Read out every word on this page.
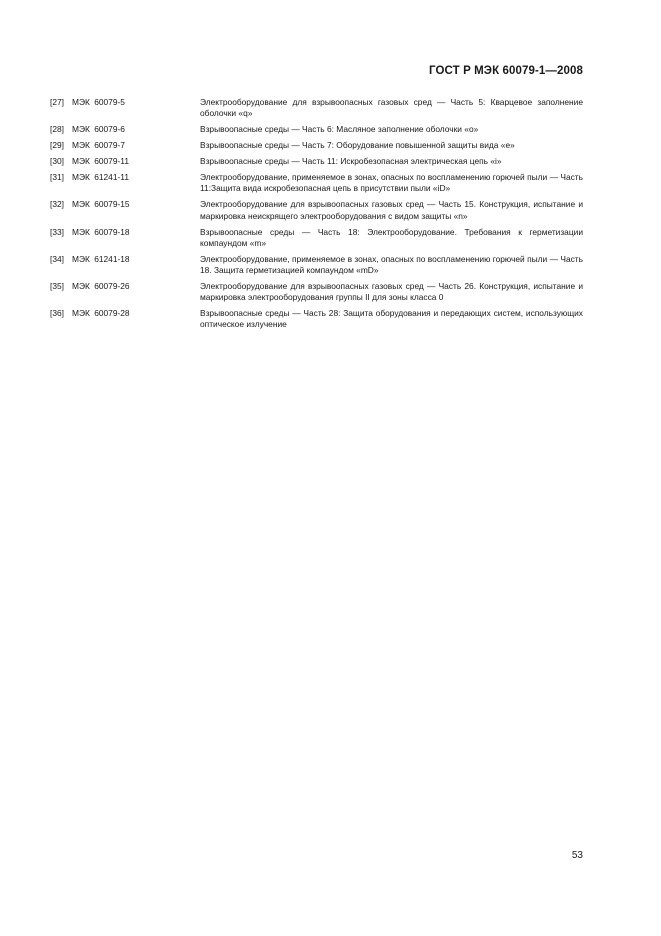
ГОСТ Р МЭК 60079-1—2008
[27] МЭК 60079-5	Электрооборудование для взрывоопасных газовых сред — Часть 5: Кварцевое заполнение оболочки «q»
[28] МЭК 60079-6	Взрывоопасные среды — Часть 6: Масляное заполнение оболочки «о»
[29] МЭК 60079-7	Взрывоопасные среды — Часть 7: Оборудование повышенной защиты вида «е»
[30] МЭК 60079-11	Взрывоопасные среды — Часть 11: Искробезопасная электрическая цепь «i»
[31] МЭК 61241-11	Электрооборудование, применяемое в зонах, опасных по воспламенению горючей пыли — Часть 11:Защита вида искробезопасная цепь в присутствии пыли «iD»
[32] МЭК 60079-15	Электрооборудование для взрывоопасных газовых сред — Часть 15. Конструкция, испытание и маркировка неискрящего электрооборудования с видом защиты «n»
[33] МЭК 60079-18	Взрывоопасные среды — Часть 18: Электрооборудование. Требования к герметизации компаундом «m»
[34] МЭК 61241-18	Электрооборудование, применяемое в зонах, опасных по воспламенению горючей пыли — Часть 18. Защита герметизацией компаундом «mD»
[35] МЭК 60079-26	Электрооборудование для взрывоопасных газовых сред — Часть 26. Конструкция, испытание и маркировка электрооборудования группы II для зоны класса 0
[36] МЭК 60079-28	Взрывоопасные среды — Часть 28: Защита оборудования и передающих систем, использующих оптическое излучение
53
